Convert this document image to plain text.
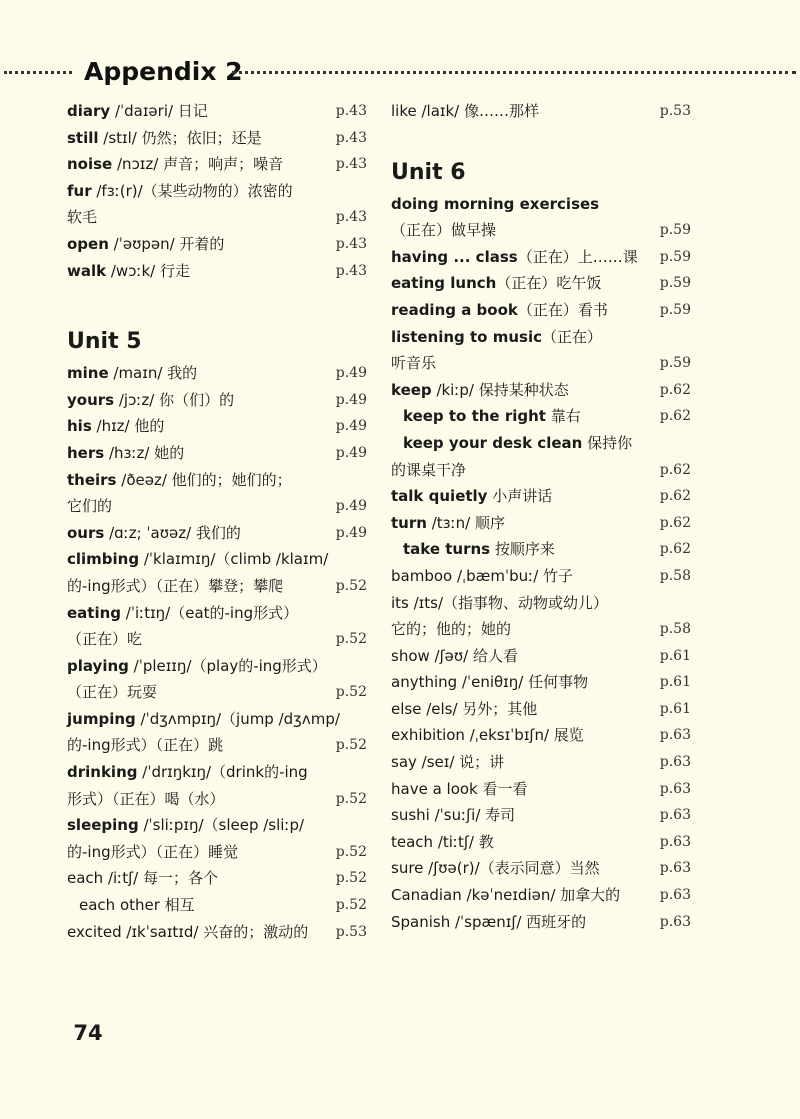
Appendix 2
diary /ˈdaɪəri/ 日记	p.43
still /stɪl/ 仍然；依旧；还是	p.43
noise /nɔɪz/ 声音；响声；噪音	p.43
fur /fɜː(r)/（某些动物的）浓密的
软毛	p.43
open /ˈəʊpən/ 开着的	p.43
walk /wɔːk/ 行走	p.43
Unit 5
mine /maɪn/ 我的	p.49
yours /jɔːz/ 你（们）的	p.49
his /hɪz/ 他的	p.49
hers /hɜːz/ 她的	p.49
theirs /ðeəz/ 他们的；她们的；
它们的	p.49
ours /ɑːz; ˈaʊəz/ 我们的	p.49
climbing /ˈklaɪmɪŋ/（climb /klaɪm/
的-ing形式）（正在）攀登；攀爬	p.52
eating /ˈiːtɪŋ/（eat的-ing形式）
（正在）吃	p.52
playing /ˈpleɪɪŋ/（play的-ing形式）
（正在）玩耍	p.52
jumping /ˈdʒʌmpɪŋ/（jump /dʒʌmp/
的-ing形式）（正在）跳	p.52
drinking /ˈdrɪŋkɪŋ/（drink的-ing
形式）（正在）喝（水）	p.52
sleeping /ˈsliːpɪŋ/（sleep /sliːp/
的-ing形式）（正在）睡觉	p.52
each /iːtʃ/ 每一；各个	p.52
each other 相互	p.52
excited /ɪkˈsaɪtɪd/ 兴奋的；激动的 p.53
like /laɪk/ 像……那样	p.53
Unit 6
doing morning exercises
（正在）做早操	p.59
having ... class（正在）上……课 p.59
eating lunch（正在）吃午饭	p.59
reading a book（正在）看书	p.59
listening to music（正在）
听音乐	p.59
keep /kiːp/ 保持某种状态	p.62
keep to the right 靠右	p.62
keep your desk clean 保持你
的课桌干净	p.62
talk quietly 小声讲话	p.62
turn /tɜːn/ 顺序	p.62
take turns 按顺序来	p.62
bamboo /ˌbæmˈbuː/ 竹子	p.58
its /ɪts/（指事物、动物或幼儿）
它的；他的；她的	p.58
show /ʃəʊ/ 给人看	p.61
anything /ˈeniθɪŋ/ 任何事物	p.61
else /els/ 另外；其他	p.61
exhibition /ˌeksɪˈbɪʃn/ 展览	p.63
say /seɪ/ 说；讲	p.63
have a look 看一看	p.63
sushi /ˈsuːʃi/ 寿司	p.63
teach /tiːtʃ/ 教	p.63
sure /ʃʊə(r)/（表示同意）当然	p.63
Canadian /kəˈneɪdiən/ 加拿大的	p.63
Spanish /ˈspænɪʃ/ 西班牙的	p.63
74
